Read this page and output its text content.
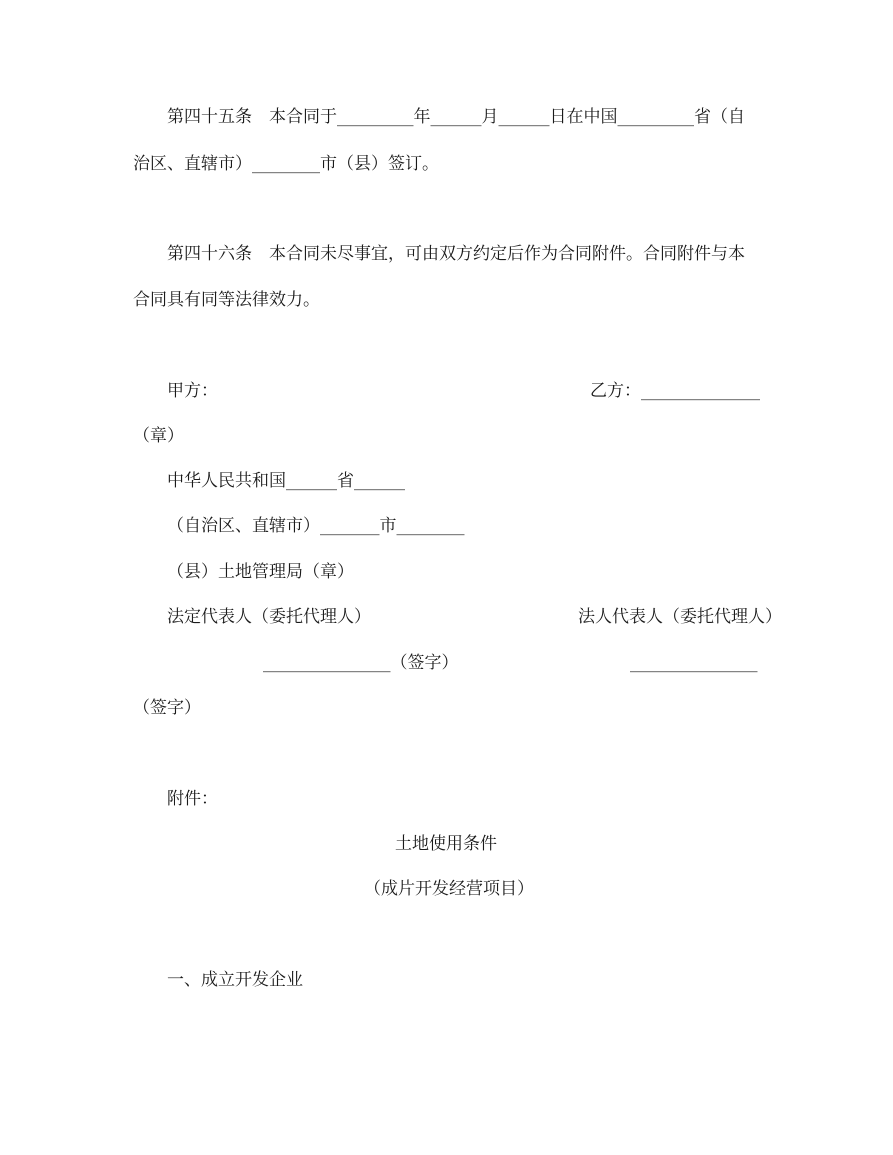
第四十五条　本合同于_________年______月______日在中国_________省（自
治区、直辖市）________市（县）签订。
第四十六条　本合同未尽事宜，可由双方约定后作为合同附件。合同附件与本
合同具有同等法律效力。
甲方：	乙方：______________
（章）
中华人民共和国______省______
（自治区、直辖市）_______市________
（县）土地管理局（章）
法定代表人（委托代理人）	法人代表人（委托代理人）
_______________（签字）	_______________
（签字）
附件：
土地使用条件
（成片开发经营项目）
一、成立开发企业
